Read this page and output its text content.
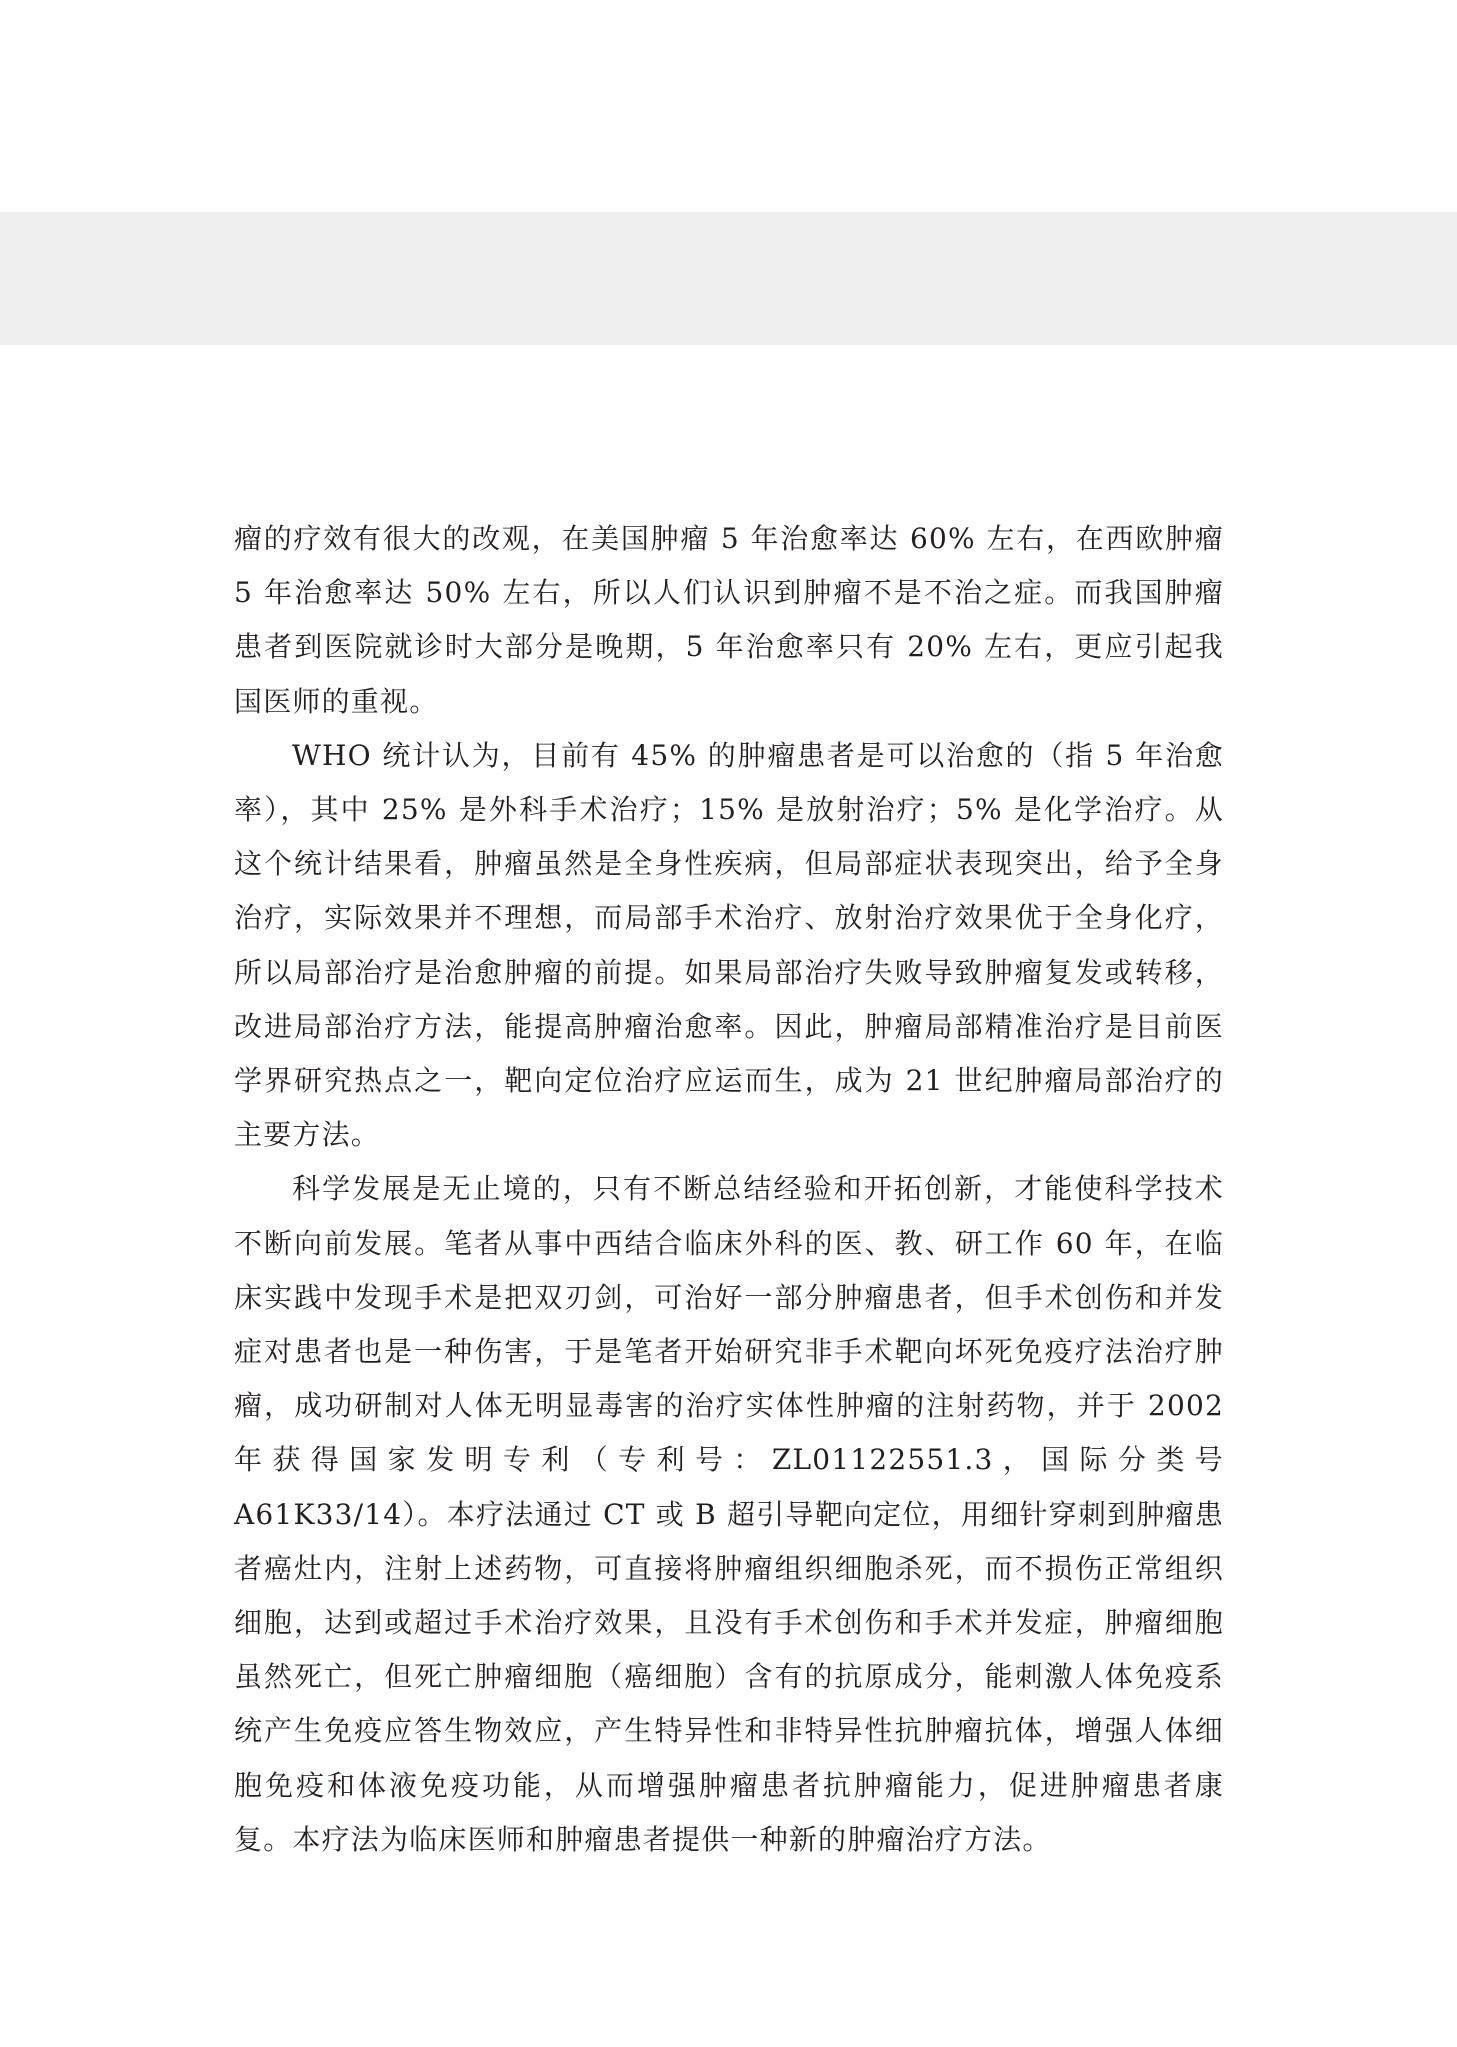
瘤的疗效有很大的改观，在美国肿瘤 5 年治愈率达 60% 左右，在西欧肿瘤 5 年治愈率达 50% 左右，所以人们认识到肿瘤不是不治之症。而我国肿瘤患者到医院就诊时大部分是晚期，5 年治愈率只有 20% 左右，更应引起我国医师的重视。

WHO 统计认为，目前有 45% 的肿瘤患者是可以治愈的（指 5 年治愈率），其中 25% 是外科手术治疗；15% 是放射治疗；5% 是化学治疗。从这个统计结果看，肿瘤虽然是全身性疾病，但局部症状表现突出，给予全身治疗，实际效果并不理想，而局部手术治疗、放射治疗效果优于全身化疗，所以局部治疗是治愈肿瘤的前提。如果局部治疗失败导致肿瘤复发或转移，改进局部治疗方法，能提高肿瘤治愈率。因此，肿瘤局部精准治疗是目前医学界研究热点之一，靶向定位治疗应运而生，成为 21 世纪肿瘤局部治疗的主要方法。

科学发展是无止境的，只有不断总结经验和开拓创新，才能使科学技术不断向前发展。笔者从事中西结合临床外科的医、教、研工作 60 年，在临床实践中发现手术是把双刃剑，可治好一部分肿瘤患者，但手术创伤和并发症对患者也是一种伤害，于是笔者开始研究非手术靶向坏死免疫疗法治疗肿瘤，成功研制对人体无明显毒害的治疗实体性肿瘤的注射药物，并于 2002 年获得国家发明专利（专利号：ZL01122551.3，国际分类号 A61K33/14）。本疗法通过 CT 或 B 超引导靶向定位，用细针穿刺到肿瘤患者癌灶内，注射上述药物，可直接将肿瘤组织细胞杀死，而不损伤正常组织细胞，达到或超过手术治疗效果，且没有手术创伤和手术并发症，肿瘤细胞虽然死亡，但死亡肿瘤细胞（癌细胞）含有的抗原成分，能刺激人体免疫系统产生免疫应答生物效应，产生特异性和非特异性抗肿瘤抗体，增强人体细胞免疫和体液免疫功能，从而增强肿瘤患者抗肿瘤能力，促进肿瘤患者康复。本疗法为临床医师和肿瘤患者提供一种新的肿瘤治疗方法。
